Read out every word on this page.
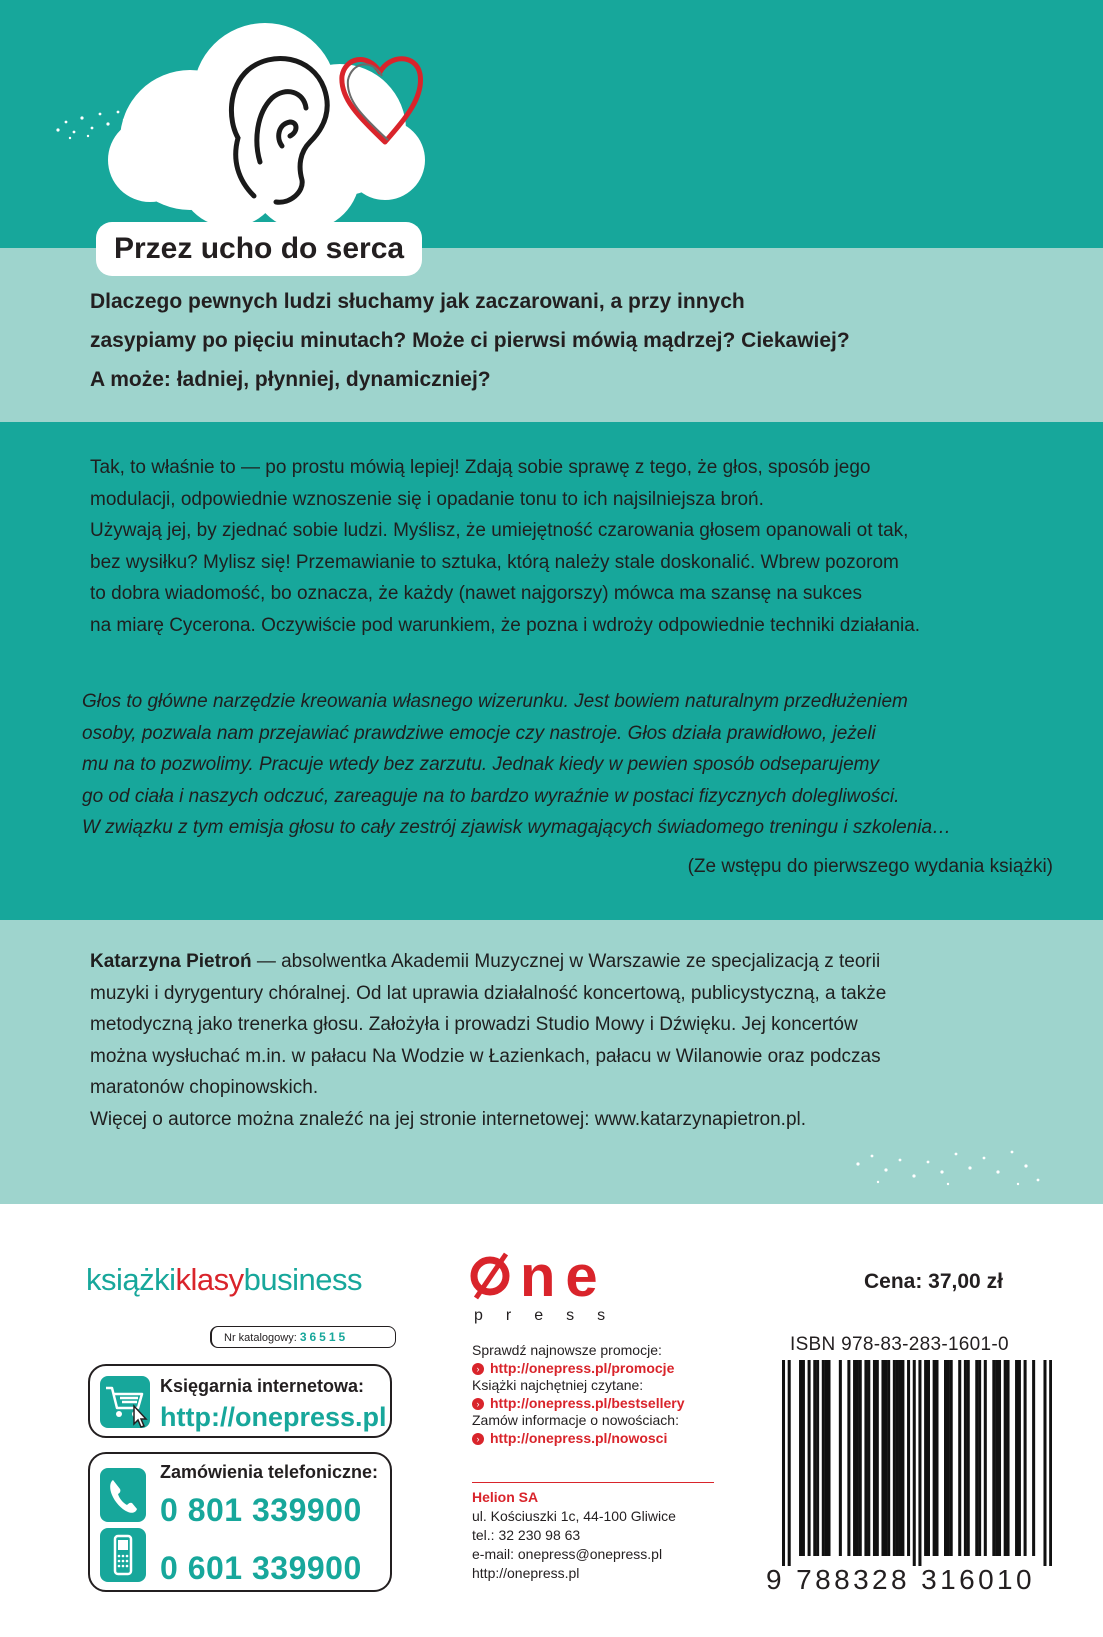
Przez ucho do serca
Dlaczego pewnych ludzi słuchamy jak zaczarowani, a przy innych
zasypiamy po pięciu minutach? Może ci pierwsi mówią mądrzej? Ciekawiej?
A może: ładniej, płynniej, dynamiczniej?
Tak, to właśnie to — po prostu mówią lepiej! Zdają sobie sprawę z tego, że głos, sposób jego
modulacji, odpowiednie wznoszenie się i opadanie tonu to ich najsilniejsza broń.
Używają jej, by zjednać sobie ludzi. Myślisz, że umiejętność czarowania głosem opanowali ot tak,
bez wysiłku? Mylisz się! Przemawianie to sztuka, którą należy stale doskonalić. Wbrew pozorom
to dobra wiadomość, bo oznacza, że każdy (nawet najgorszy) mówca ma szansę na sukces
na miarę Cycerona. Oczywiście pod warunkiem, że pozna i wdroży odpowiednie techniki działania.
Głos to główne narzędzie kreowania własnego wizerunku. Jest bowiem naturalnym przedłużeniem
osoby, pozwala nam przejawiać prawdziwe emocje czy nastroje. Głos działa prawidłowo, jeżeli
mu na to pozwolimy. Pracuje wtedy bez zarzutu. Jednak kiedy w pewien sposób odseparujemy
go od ciała i naszych odczuć, zareaguje na to bardzo wyraźnie w postaci fizycznych dolegliwości.
W związku z tym emisja głosu to cały zestrój zjawisk wymagających świadomego treningu i szkolenia…
(Ze wstępu do pierwszego wydania książki)
Katarzyna Pietroń — absolwentka Akademii Muzycznej w Warszawie ze specjalizacją z teorii
muzyki i dyrygentury chóralnej. Od lat uprawia działalność koncertową, publicystyczną, a także
metodyczną jako trenerka głosu. Założyła i prowadzi Studio Mowy i Dźwięku. Jej koncertów
można wysłuchać m.in. w pałacu Na Wodzie w Łazienkach, pałacu w Wilanowie oraz podczas
maratonów chopinowskich.
Więcej o autorce można znaleźć na jej stronie internetowej: www.katarzynapietron.pl.
książkiklasybusiness
Nr katalogowy: 36515
Księgarnia internetowa:
http://onepress.pl
Zamówienia telefoniczne:
0 801 339900
0 601 339900
ne
press
Sprawdź najnowsze promocje:
› http://onepress.pl/promocje
Książki najchętniej czytane:
› http://onepress.pl/bestsellery
Zamów informacje o nowościach:
› http://onepress.pl/nowosci
Helion SA
ul. Kościuszki 1c, 44-100 Gliwice
tel.: 32 230 98 63
e-mail: onepress@onepress.pl
http://onepress.pl
Cena: 37,00 zł
ISBN 978-83-283-1601-0
9 788328 316010
